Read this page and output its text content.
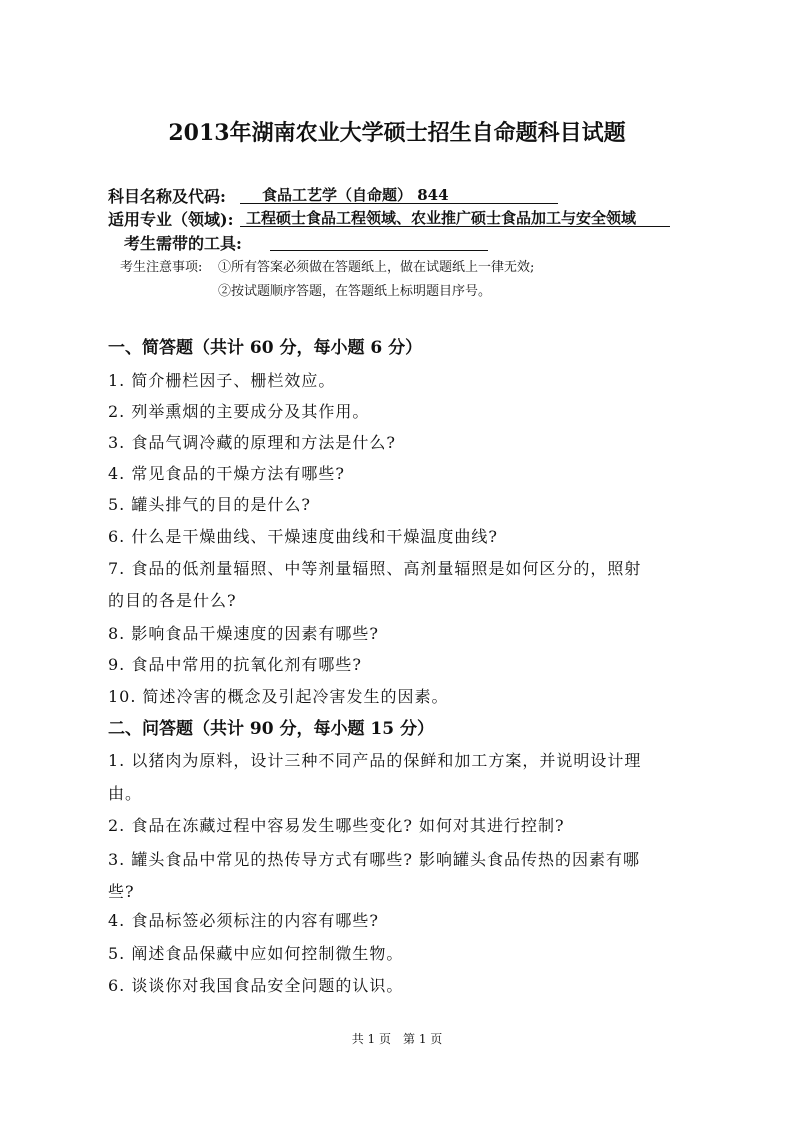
2013年湖南农业大学硕士招生自命题科目试题
科目名称及代码:	食品工艺学（自命题） 844
适用专业（领域): 工程硕士食品工程领域、农业推广硕士食品加工与安全领域
考生需带的工具:
考生注意事项: ①所有答案必须做在答题纸上，做在试题纸上一律无效;
②按试题顺序答题，在答题纸上标明题目序号。
一、简答题（共计 60 分，每小题 6 分）
1. 简介栅栏因子、栅栏效应。
2. 列举熏烟的主要成分及其作用。
3. 食品气调冷藏的原理和方法是什么?
4. 常见食品的干燥方法有哪些?
5. 罐头排气的目的是什么?
6. 什么是干燥曲线、干燥速度曲线和干燥温度曲线?
7. 食品的低剂量辐照、中等剂量辐照、高剂量辐照是如何区分的，照射
的目的各是什么?
8. 影响食品干燥速度的因素有哪些?
9. 食品中常用的抗氧化剂有哪些?
10. 简述冷害的概念及引起冷害发生的因素。
二、问答题（共计 90 分，每小题 15 分）
1. 以猪肉为原料，设计三种不同产品的保鲜和加工方案，并说明设计理
由。
2. 食品在冻藏过程中容易发生哪些变化? 如何对其进行控制?
3. 罐头食品中常见的热传导方式有哪些? 影响罐头食品传热的因素有哪
些?
4. 食品标签必须标注的内容有哪些?
5. 阐述食品保藏中应如何控制微生物。
6. 谈谈你对我国食品安全问题的认识。
共 1 页　第 1 页
